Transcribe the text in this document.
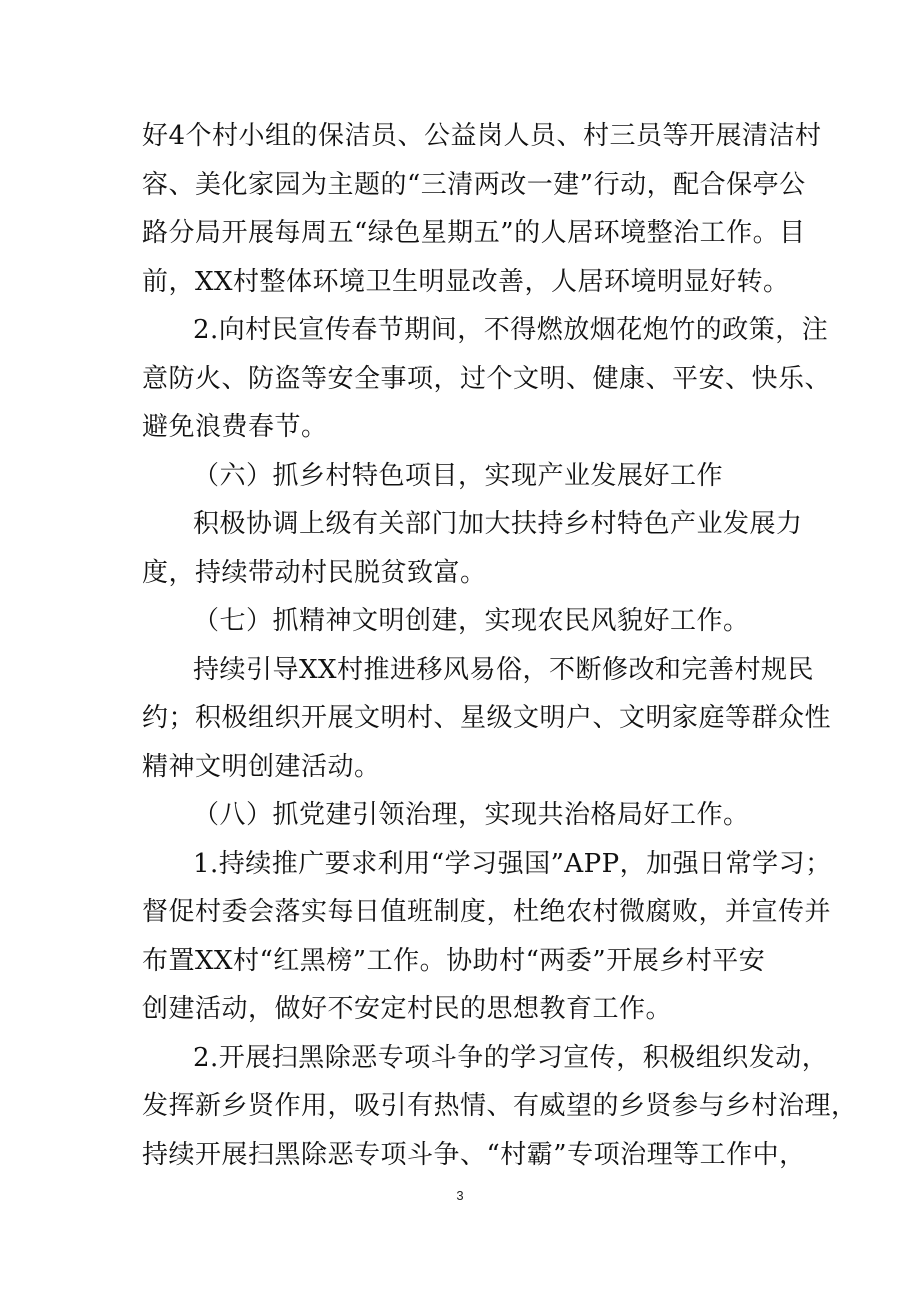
好4个村小组的保洁员、公益岗人员、村三员等开展清洁村
容、美化家园为主题的“三清两改一建”行动，配合保亭公
路分局开展每周五“绿色星期五”的人居环境整治工作。目
前，XX村整体环境卫生明显改善，人居环境明显好转。
2.向村民宣传春节期间，不得燃放烟花炮竹的政策，注
意防火、防盗等安全事项，过个文明、健康、平安、快乐、
避免浪费春节。
（六）抓乡村特色项目，实现产业发展好工作
积极协调上级有关部门加大扶持乡村特色产业发展力
度，持续带动村民脱贫致富。
（七）抓精神文明创建，实现农民风貌好工作。
持续引导XX村推进移风易俗，不断修改和完善村规民
约；积极组织开展文明村、星级文明户、文明家庭等群众性
精神文明创建活动。
（八）抓党建引领治理，实现共治格局好工作。
1.持续推广要求利用“学习强国”APP，加强日常学习；
督促村委会落实每日值班制度，杜绝农村微腐败，并宣传并
布置XX村“红黑榜”工作。协助村“两委”开展乡村平安
创建活动，做好不安定村民的思想教育工作。
2.开展扫黑除恶专项斗争的学习宣传，积极组织发动，
发挥新乡贤作用，吸引有热情、有威望的乡贤参与乡村治理，
持续开展扫黑除恶专项斗争、“村霸”专项治理等工作中，
3
